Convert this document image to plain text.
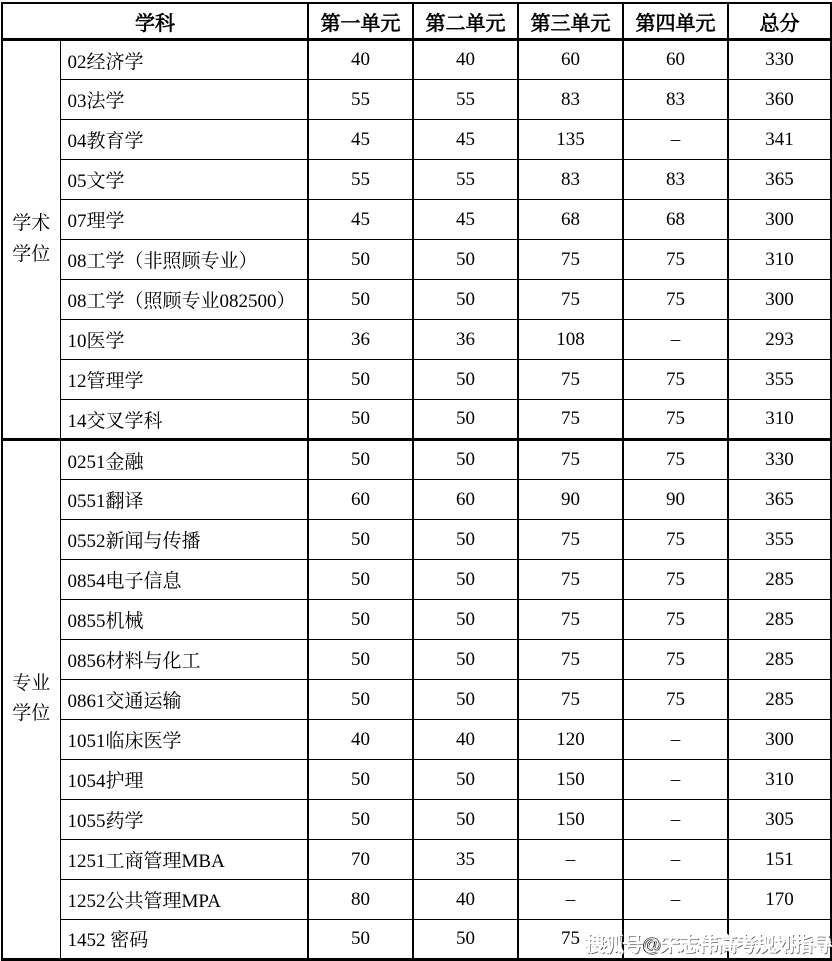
学科		第一单元	第二单元	第三单元	第四单元	总分

学术
学位	02经济学	40	40	60	60	330
	03法学	55	55	83	83	360
	04教育学	45	45	135	–	341
	05文学	55	55	83	83	365
	07理学	45	45	68	68	300
	08工学（非照顾专业）	50	50	75	75	310
	08工学（照顾专业082500）	50	50	75	75	300
	10医学	36	36	108	–	293
	12管理学	50	50	75	75	355
	14交叉学科	50	50	75	75	310

专业
学位	0251金融	50	50	75	75	330
	0551翻译	60	60	90	90	365
	0552新闻与传播	50	50	75	75	355
	0854电子信息	50	50	75	75	285
	0855机械	50	50	75	75	285
	0856材料与化工	50	50	75	75	285
	0861交通运输	50	50	75	75	285
	1051临床医学	40	40	120	–	300
	1054护理	50	50	150	–	310
	1055药学	50	50	150	–	305
	1251工商管理MBA	70	35	–	–	151
	1252公共管理MPA	80	40	–	–	170
	1452 密码	50	50	75		搜狐号@宋志伟高考规划指导
